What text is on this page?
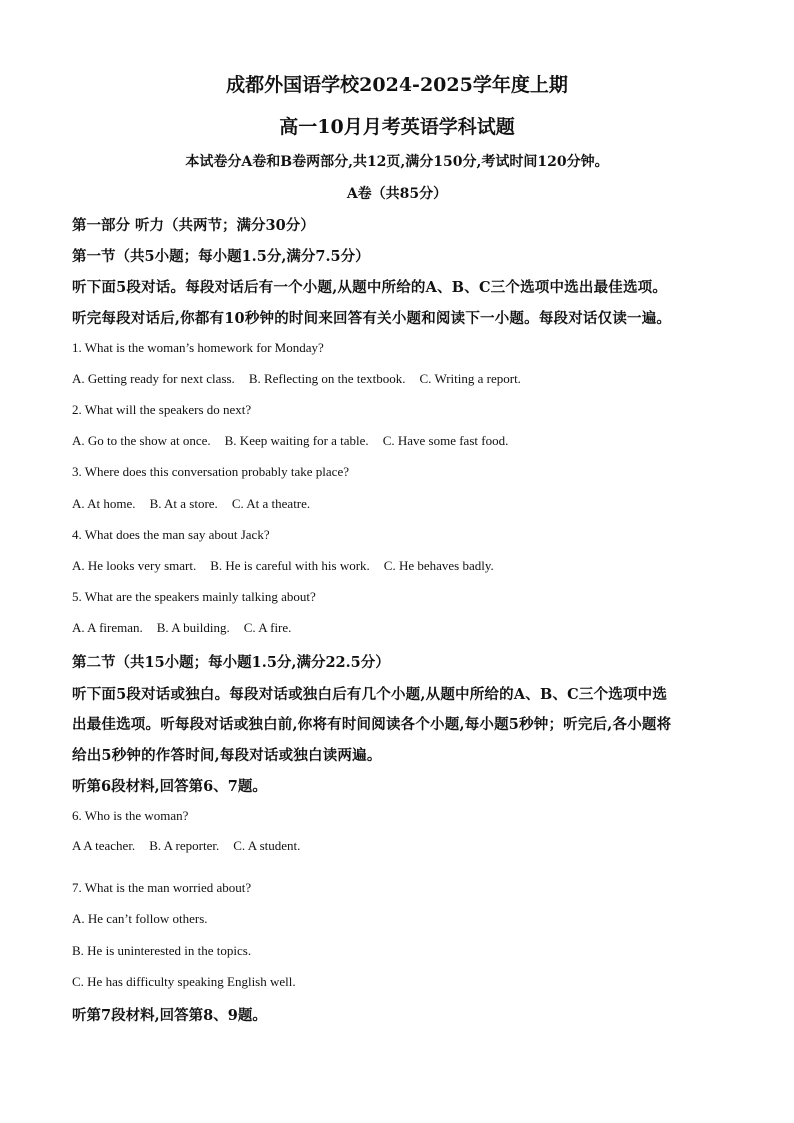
成都外国语学校2024-2025学年度上期
高一10月月考英语学科试题
本试卷分A卷和B卷两部分,共12页,满分150分,考试时间120分钟。
A卷（共85分）
第一部分 听力（共两节；满分30分）
第一节（共5小题；每小题1.5分,满分7.5分）
听下面5段对话。每段对话后有一个小题,从题中所给的A、B、C三个选项中选出最佳选项。
听完每段对话后,你都有10秒钟的时间来回答有关小题和阅读下一小题。每段对话仅读一遍。
1. What is the woman’s homework for Monday?
A. Getting ready for next class. B. Reflecting on the textbook. C. Writing a report.
2. What will the speakers do next?
A. Go to the show at once. B. Keep waiting for a table. C. Have some fast food.
3. Where does this conversation probably take place?
A. At home. B. At a store. C. At a theatre.
4. What does the man say about Jack?
A. He looks very smart. B. He is careful with his work. C. He behaves badly.
5. What are the speakers mainly talking about?
A. A fireman. B. A building. C. A fire.
第二节（共15小题；每小题1.5分,满分22.5分）
听下面5段对话或独白。每段对话或独白后有几个小题,从题中所给的A、B、C三个选项中选
出最佳选项。听每段对话或独白前,你将有时间阅读各个小题,每小题5秒钟；听完后,各小题将
给出5秒钟的作答时间,每段对话或独白读两遍。
听第6段材料,回答第6、7题。
6. Who is the woman?
A A teacher. B. A reporter. C. A student.
7. What is the man worried about?
A. He can’t follow others.
B. He is uninterested in the topics.
C. He has difficulty speaking English well.
听第7段材料,回答第8、9题。
